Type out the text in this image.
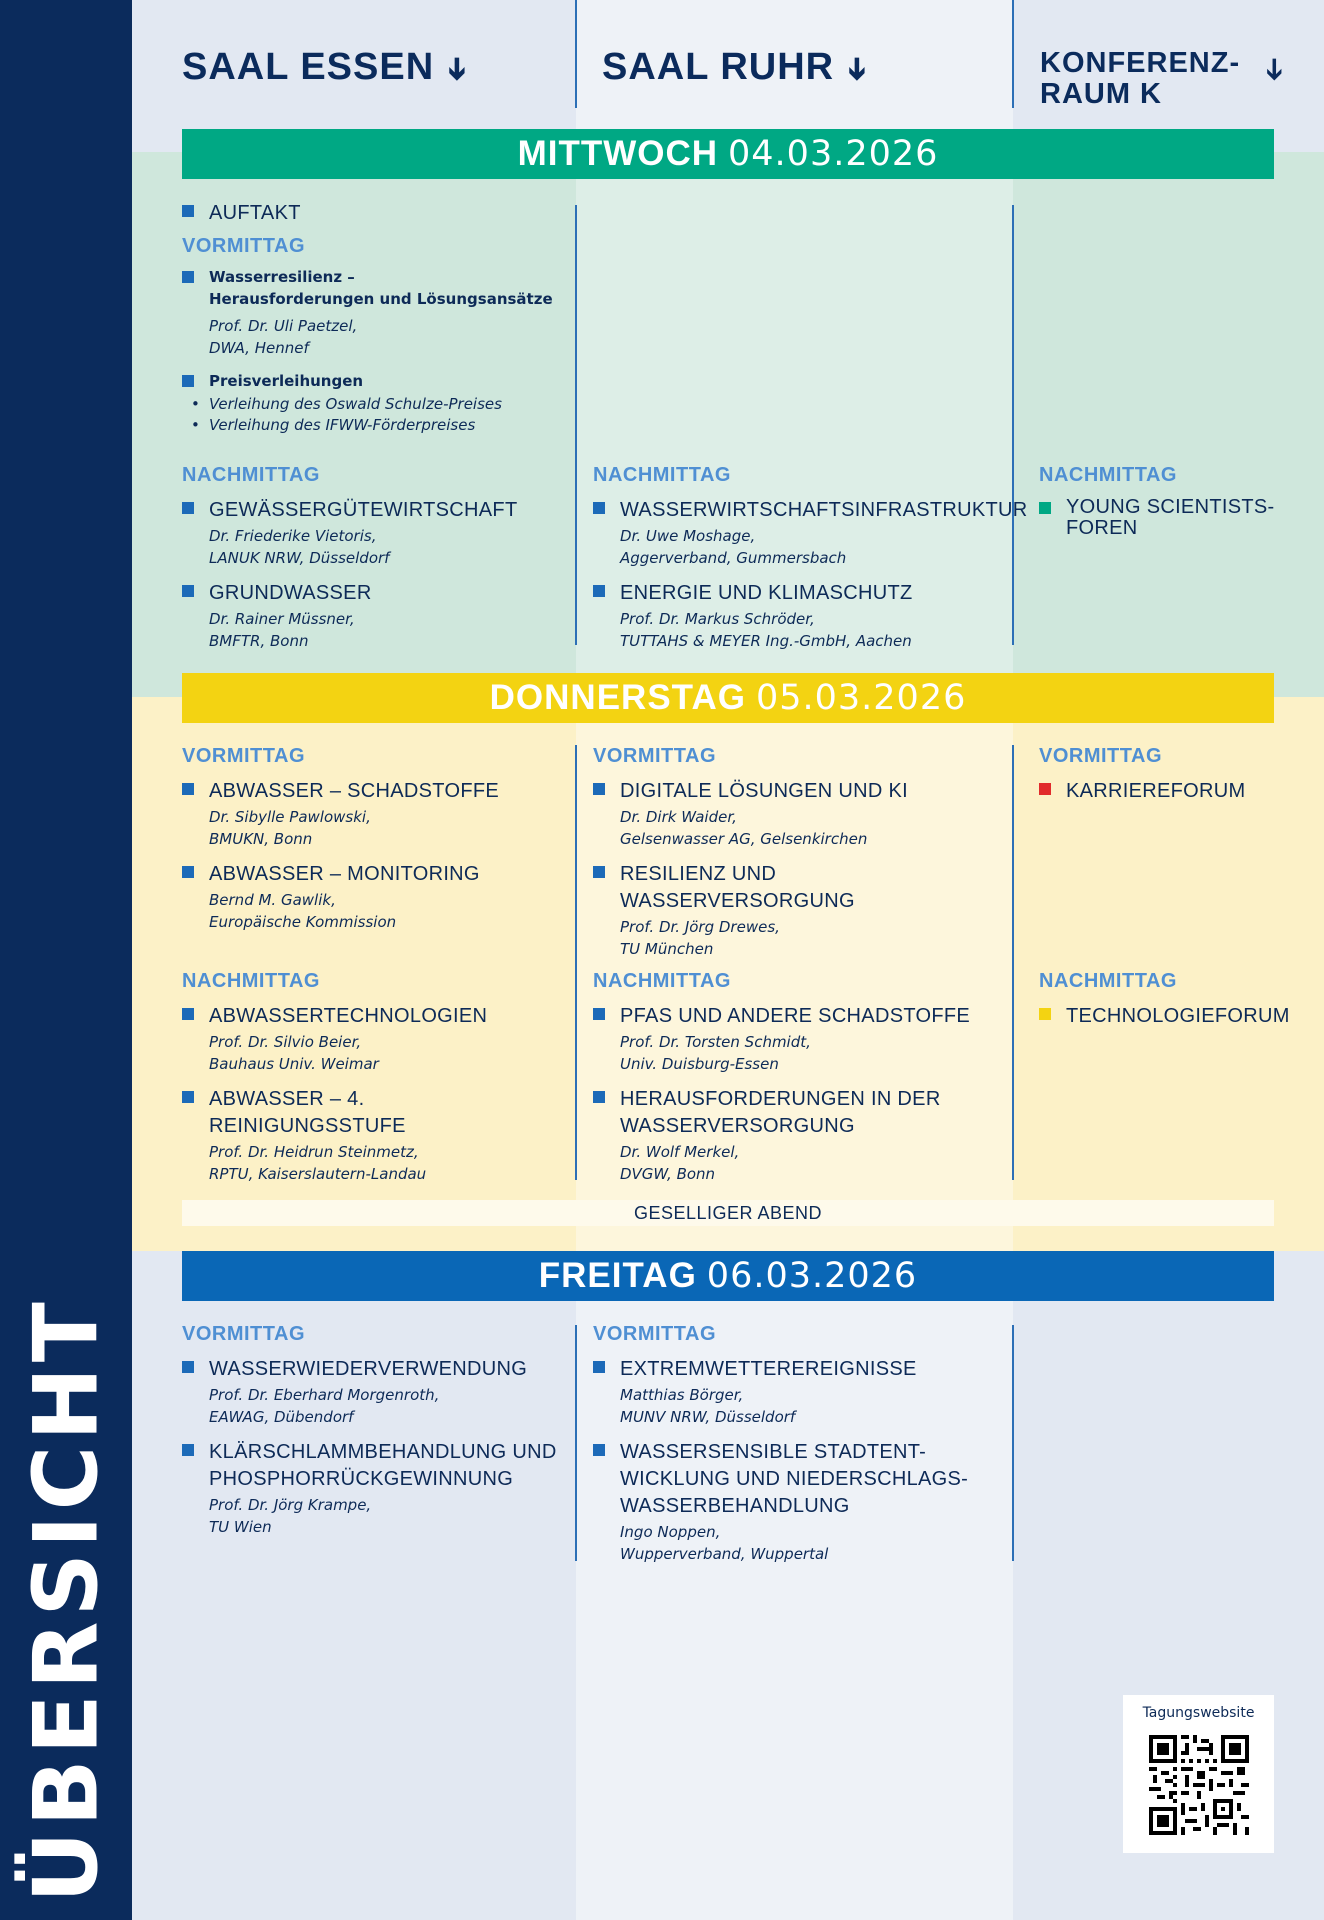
ÜBERSICHT
SAAL ESSEN ➔	SAAL RUHR ➔	KONFERENZ-
RAUM K
➔
MITTWOCH 04.03.2026
AUFTAKT
VORMITTAG
Wasserresilienz –
Herausforderungen und Lösungsansätze
Prof. Dr. Uli Paetzel,
DWA, Hennef
Preisverleihungen
• Verleihung des Oswald Schulze-Preises
• Verleihung des IFWW-Förderpreises
NACHMITTAG
GEWÄSSERGÜTEWIRTSCHAFT
Dr. Friederike Vietoris,
LANUK NRW, Düsseldorf
GRUNDWASSER
Dr. Rainer Müssner,
BMFTR, Bonn
NACHMITTAG
WASSERWIRTSCHAFTSINFRASTRUKTUR
Dr. Uwe Moshage,
Aggerverband, Gummersbach
ENERGIE UND KLIMASCHUTZ
Prof. Dr. Markus Schröder,
TUTTAHS & MEYER Ing.-GmbH, Aachen
NACHMITTAG
YOUNG SCIENTISTS-
FOREN
DONNERSTAG 05.03.2026
VORMITTAG
ABWASSER – SCHADSTOFFE
Dr. Sibylle Pawlowski,
BMUKN, Bonn
ABWASSER – MONITORING
Bernd M. Gawlik,
Europäische Kommission
NACHMITTAG
ABWASSERTECHNOLOGIEN
Prof. Dr. Silvio Beier,
Bauhaus Univ. Weimar
ABWASSER – 4. REINIGUNGSSTUFE
Prof. Dr. Heidrun Steinmetz,
RPTU, Kaiserslautern-Landau
VORMITTAG
DIGITALE LÖSUNGEN UND KI
Dr. Dirk Waider,
Gelsenwasser AG, Gelsenkirchen
RESILIENZ UND
WASSERVERSORGUNG
Prof. Dr. Jörg Drewes,
TU München
NACHMITTAG
PFAS UND ANDERE SCHADSTOFFE
Prof. Dr. Torsten Schmidt,
Univ. Duisburg-Essen
HERAUSFORDERUNGEN IN DER
WASSERVERSORGUNG
Dr. Wolf Merkel,
DVGW, Bonn
VORMITTAG
KARRIEREFORUM
NACHMITTAG
TECHNOLOGIEFORUM
GESELLIGER ABEND
FREITAG 06.03.2026
VORMITTAG
WASSERWIEDERVERWENDUNG
Prof. Dr. Eberhard Morgenroth,
EAWAG, Dübendorf
KLÄRSCHLAMMBEHANDLUNG UND
PHOSPHORRÜCKGEWINNUNG
Prof. Dr. Jörg Krampe,
TU Wien
VORMITTAG
EXTREMWETTEREREIGNISSE
Matthias Börger,
MUNV NRW, Düsseldorf
WASSERSENSIBLE STADTENT-
WICKLUNG UND NIEDERSCHLAGS-
WASSERBEHANDLUNG
Ingo Noppen,
Wupperverband, Wuppertal
Tagungswebsite
